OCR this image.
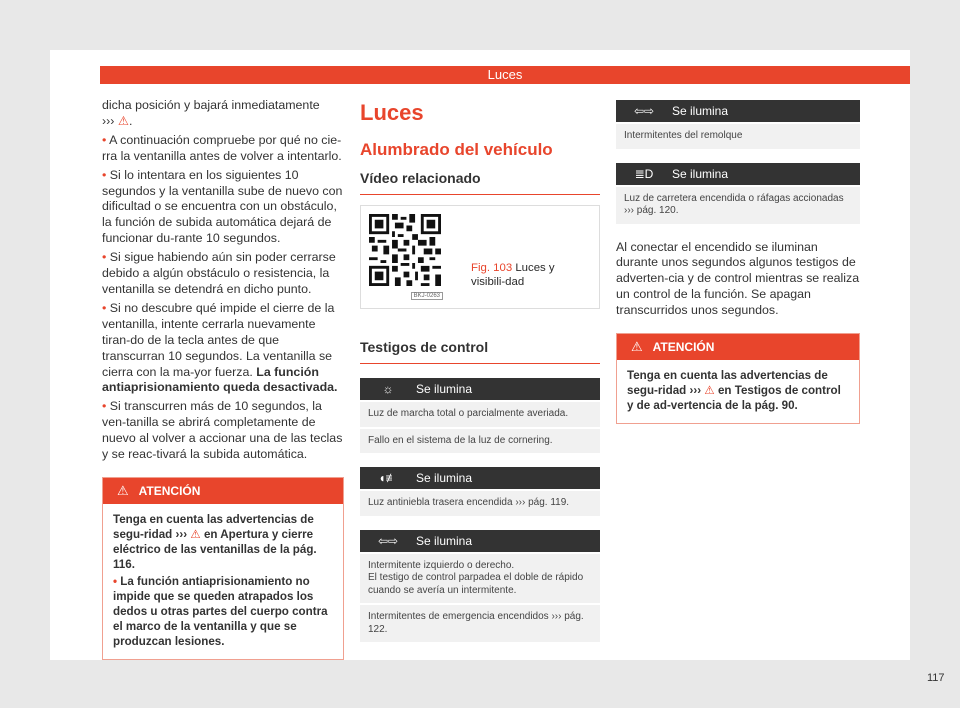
Luces

dicha posición y bajará inmediatamente
››› ⚠.

• A continuación compruebe por qué no cie-rra la ventanilla antes de volver a intentarlo.

• Si lo intentara en los siguientes 10 segundos y la ventanilla sube de nuevo con dificultad o se encuentra con un obstáculo, la función de subida automática dejará de funcionar du-rante 10 segundos.

• Si sigue habiendo aún sin poder cerrarse debido a algún obstáculo o resistencia, la ventanilla se detendrá en dicho punto.

• Si no descubre qué impide el cierre de la ventanilla, intente cerrarla nuevamente tiran-do de la tecla antes de que transcurran 10 segundos. La ventanilla se cierra con la ma-yor fuerza. La función antiaprisionamiento queda desactivada.

• Si transcurren más de 10 segundos, la ven-tanilla se abrirá completamente de nuevo al volver a accionar una de las teclas y se reac-tivará la subida automática.

⚠ ATENCIÓN
Tenga en cuenta las advertencias de segu-ridad ››› ⚠ en Apertura y cierre eléctrico de las ventanillas de la pág. 116.
• La función antiaprisionamiento no impide que se queden atrapados los dedos u otras partes del cuerpo contra el marco de la ventanilla y que se produzcan lesiones.
Luces
Alumbrado del vehículo
Vídeo relacionado
BKJ-0263
Fig. 103 Luces y visibili-dad
Testigos de control
☼	Se ilumina
Luz de marcha total o parcialmente averiada.
Fallo en el sistema de la luz de cornering.
◖≢	Se ilumina
Luz antiniebla trasera encendida ››› pág. 119.
⇦⇨	Se ilumina
Intermitente izquierdo o derecho.
El testigo de control parpadea el doble de rápido cuando se avería un intermitente.
Intermitentes de emergencia encendidos ››› pág. 122.
⇦⇨	Se ilumina
Intermitentes del remolque
≣D	Se ilumina
Luz de carretera encendida o ráfagas accionadas
››› pág. 120.

Al conectar el encendido se iluminan durante unos segundos algunos testigos de adverten-cia y de control mientras se realiza un control de la función. Se apagan transcurridos unos segundos.

⚠ ATENCIÓN
Tenga en cuenta las advertencias de segu-ridad ››› ⚠ en Testigos de control y de ad-vertencia de la pág. 90.
117
